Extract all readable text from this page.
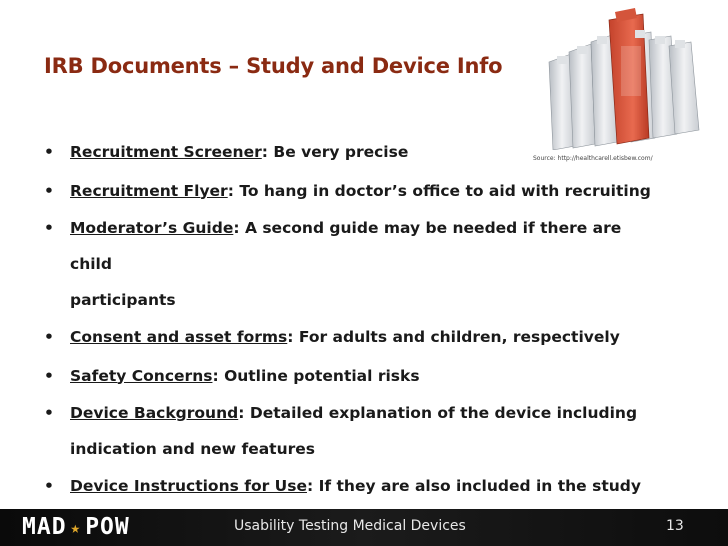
IRB Documents – Study and Device Info
Source: http://healthcarell.etisbew.com/
• Recruitment Screener: Be very precise
• Recruitment Flyer: To hang in doctor’s office to aid with recruiting
• Moderator’s Guide: A second guide may be needed if there are child
participants
• Consent and asset forms: For adults and children, respectively
• Safety Concerns: Outline potential risks
• Device Background: Detailed explanation of the device including
indication and new features
• Device Instructions for Use: If they are also included in the study
MAD ★ POW	Usability Testing Medical Devices	13
